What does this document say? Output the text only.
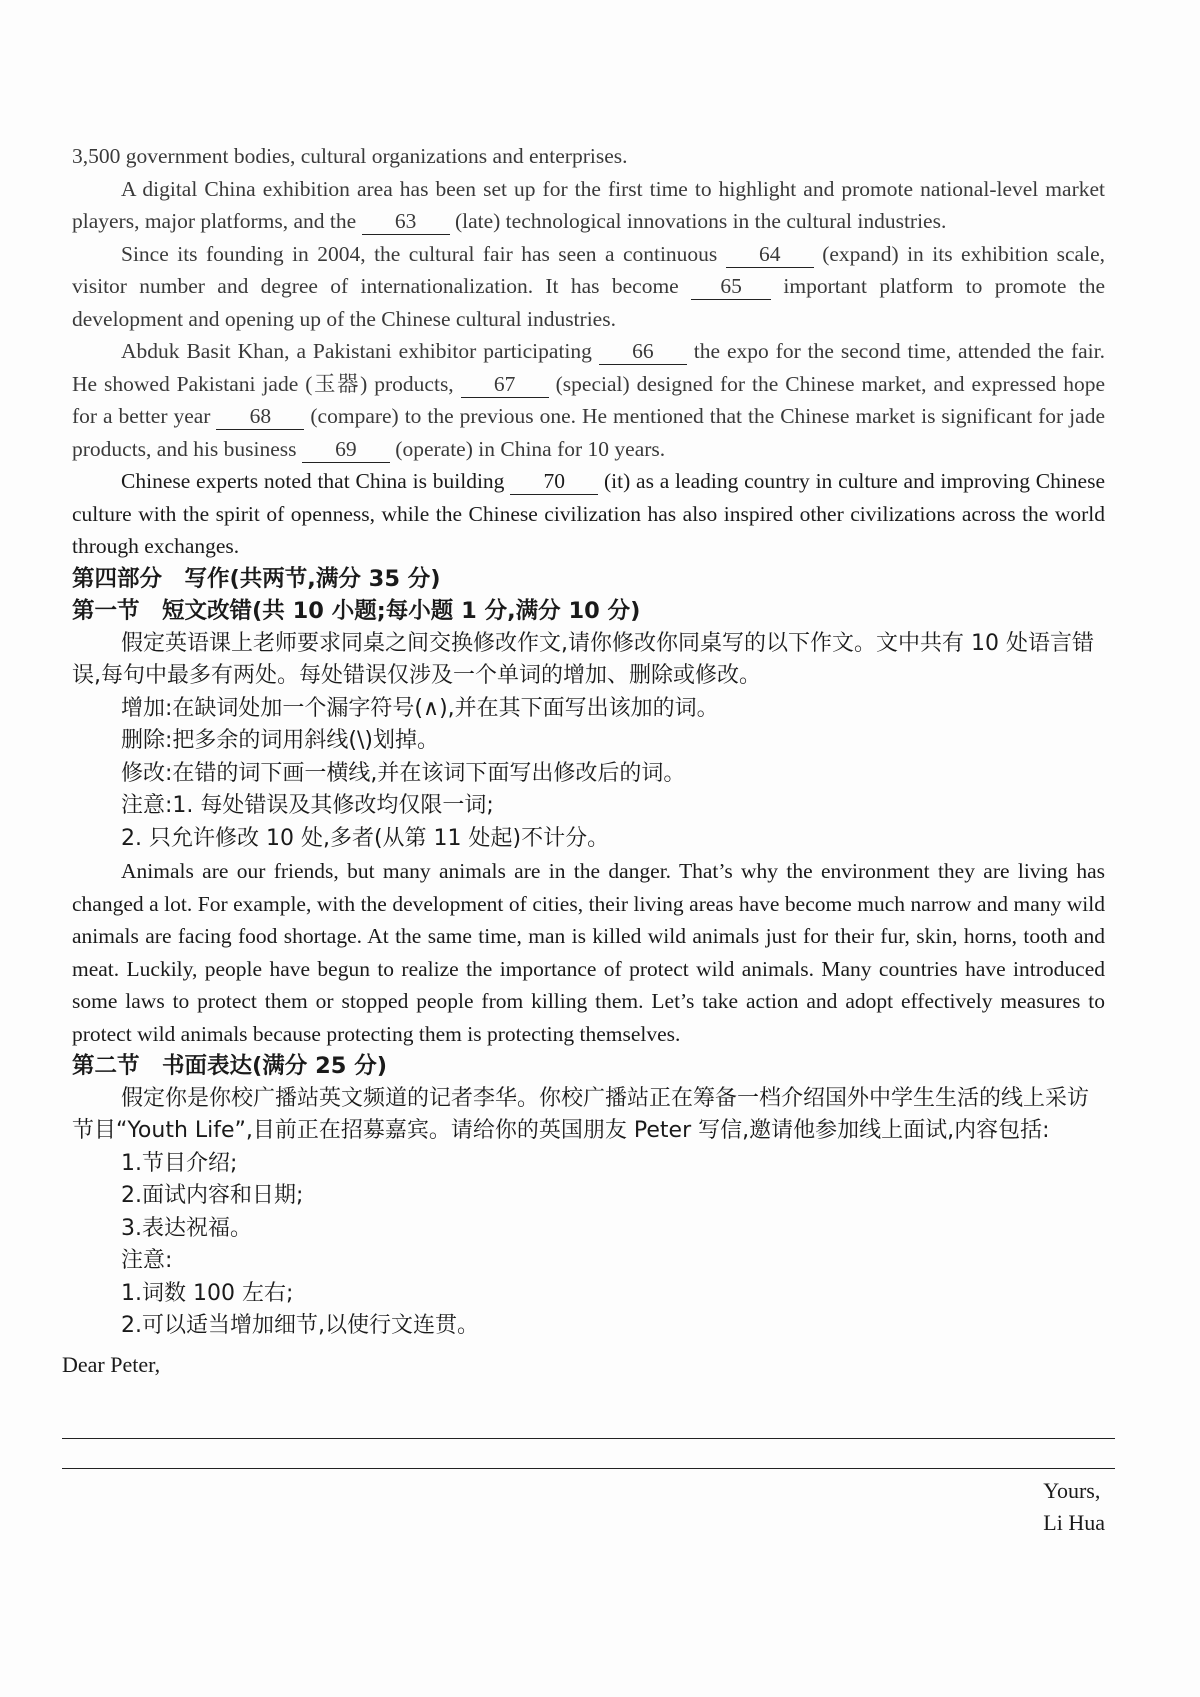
3,500 government bodies, cultural organizations and enterprises.

A digital China exhibition area has been set up for the first time to highlight and promote national-level market players, major platforms, and the 63 (late) technological innovations in the cultural industries.

Since its founding in 2004, the cultural fair has seen a continuous 64 (expand) in its exhibition scale, visitor number and degree of internationalization. It has become 65 important platform to promote the development and opening up of the Chinese cultural industries.

Abduk Basit Khan, a Pakistani exhibitor participating 66 the expo for the second time, attended the fair. He showed Pakistani jade (玉器) products, 67 (special) designed for the Chinese market, and expressed hope for a better year 68 (compare) to the previous one. He mentioned that the Chinese market is significant for jade products, and his business 69 (operate) in China for 10 years.

Chinese experts noted that China is building 70 (it) as a leading country in culture and improving Chinese culture with the spirit of openness, while the Chinese civilization has also inspired other civilizations across the world through exchanges.

第四部分　写作(共两节,满分 35 分)

第一节　短文改错(共 10 小题;每小题 1 分,满分 10 分)

假定英语课上老师要求同桌之间交换修改作文,请你修改你同桌写的以下作文。文中共有 10 处语言错误,每句中最多有两处。每处错误仅涉及一个单词的增加、删除或修改。

增加:在缺词处加一个漏字符号(∧),并在其下面写出该加的词。

删除:把多余的词用斜线(\)划掉。

修改:在错的词下画一横线,并在该词下面写出修改后的词。

注意:1. 每处错误及其修改均仅限一词;

2. 只允许修改 10 处,多者(从第 11 处起)不计分。

Animals are our friends, but many animals are in the danger. That’s why the environment they are living has changed a lot. For example, with the development of cities, their living areas have become much narrow and many wild animals are facing food shortage. At the same time, man is killed wild animals just for their fur, skin, horns, tooth and meat. Luckily, people have begun to realize the importance of protect wild animals. Many countries have introduced some laws to protect them or stopped people from killing them. Let’s take action and adopt effectively measures to protect wild animals because protecting them is protecting themselves.

第二节　书面表达(满分 25 分)

假定你是你校广播站英文频道的记者李华。你校广播站正在筹备一档介绍国外中学生生活的线上采访节目“Youth Life”,目前正在招募嘉宾。请给你的英国朋友 Peter 写信,邀请他参加线上面试,内容包括:

1.节目介绍;

2.面试内容和日期;

3.表达祝福。

注意:

1.词数 100 左右;

2.可以适当增加细节,以使行文连贯。

Dear Peter,

Yours,
Li Hua
